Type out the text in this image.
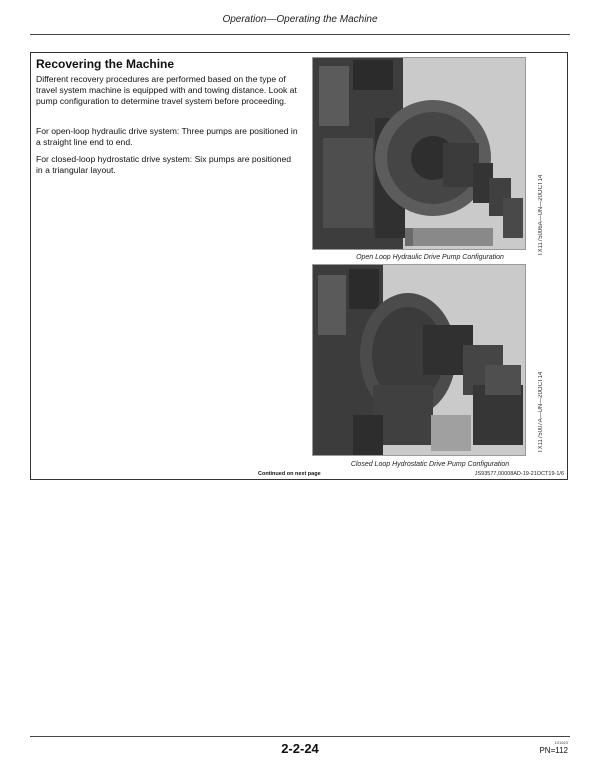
Operation—Operating the Machine
Recovering the Machine

Different recovery procedures are performed based on the type of travel system machine is equipped with and towing distance. Look at pump configuration to determine travel system before proceeding.

For open-loop hydraulic drive system: Three pumps are positioned in a straight line end to end.

For closed-loop hydrostatic drive system: Six pumps are positioned in a triangular layout.

TX1175006A—UN—20OCT14
Open Loop Hydraulic Drive Pump Configuration
TX1175007A—UN—20OCT14
Closed Loop Hydrostatic Drive Pump Configuration
Continued on next page	JS93577,00008AD-19-21OCT19-1/6
2-2-24	101623
PN=112
